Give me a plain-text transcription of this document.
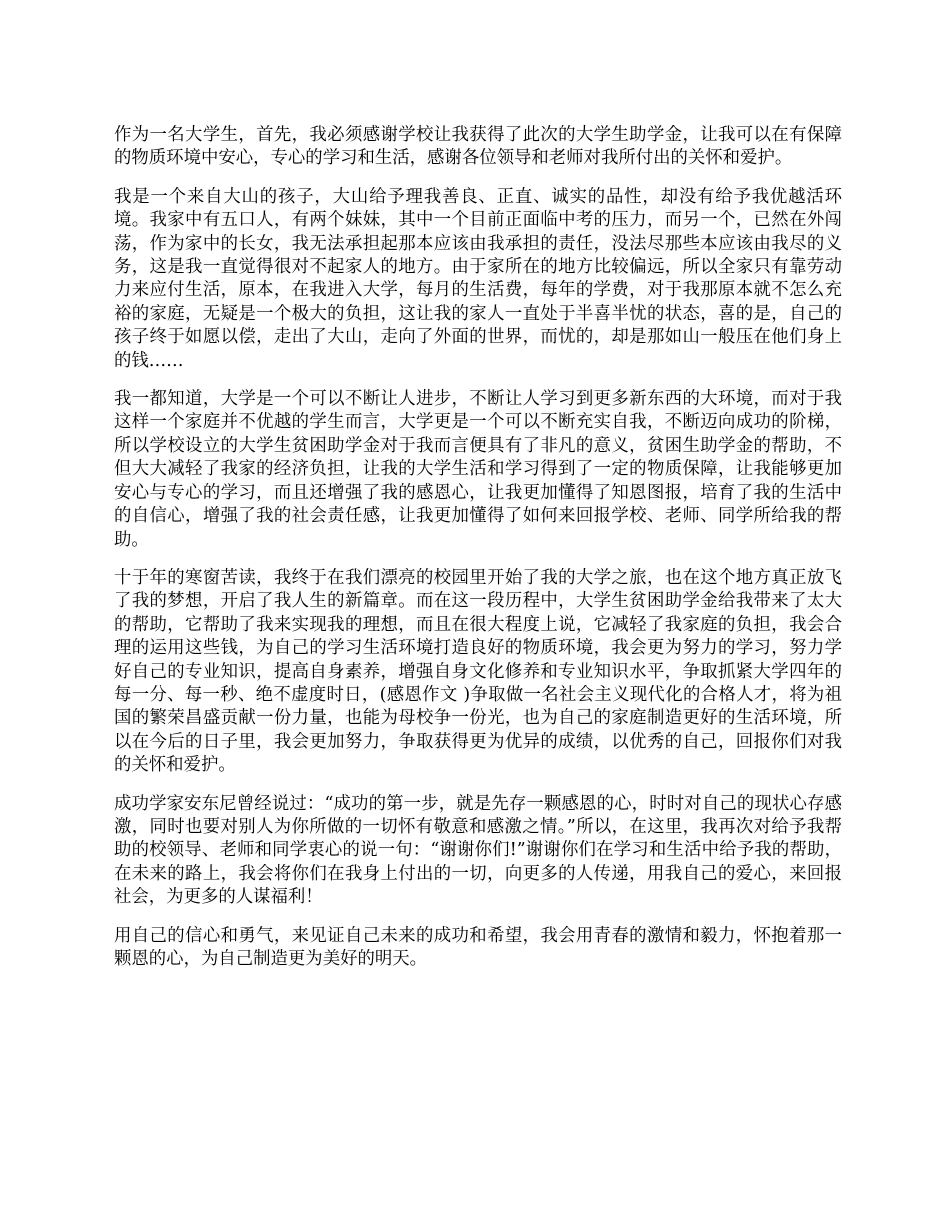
作为一名大学生，首先，我必须感谢学校让我获得了此次的大学生助学金，让我可以在有保障的物质环境中安心，专心的学习和生活，感谢各位领导和老师对我所付出的关怀和爱护。

我是一个来自大山的孩子，大山给予理我善良、正直、诚实的品性，却没有给予我优越活环境。我家中有五口人，有两个妹妹，其中一个目前正面临中考的压力，而另一个，已然在外闯荡，作为家中的长女，我无法承担起那本应该由我承担的责任，没法尽那些本应该由我尽的义务，这是我一直觉得很对不起家人的地方。由于家所在的地方比较偏远，所以全家只有靠劳动力来应付生活，原本，在我进入大学，每月的生活费，每年的学费，对于我那原本就不怎么充裕的家庭，无疑是一个极大的负担，这让我的家人一直处于半喜半忧的状态，喜的是，自己的孩子终于如愿以偿，走出了大山，走向了外面的世界，而忧的，却是那如山一般压在他们身上的钱……

我一都知道，大学是一个可以不断让人进步，不断让人学习到更多新东西的大环境，而对于我这样一个家庭并不优越的学生而言，大学更是一个可以不断充实自我，不断迈向成功的阶梯，所以学校设立的大学生贫困助学金对于我而言便具有了非凡的意义，贫困生助学金的帮助，不但大大减轻了我家的经济负担，让我的大学生活和学习得到了一定的物质保障，让我能够更加安心与专心的学习，而且还增强了我的感恩心，让我更加懂得了知恩图报，培育了我的生活中的自信心，增强了我的社会责任感，让我更加懂得了如何来回报学校、老师、同学所给我的帮助。

十于年的寒窗苦读，我终于在我们漂亮的校园里开始了我的大学之旅，也在这个地方真正放飞了我的梦想，开启了我人生的新篇章。而在这一段历程中，大学生贫困助学金给我带来了太大的帮助，它帮助了我来实现我的理想，而且在很大程度上说，它减轻了我家庭的负担，我会合理的运用这些钱，为自己的学习生活环境打造良好的物质环境，我会更为努力的学习，努力学好自己的专业知识，提高自身素养，增强自身文化修养和专业知识水平，争取抓紧大学四年的每一分、每一秒、绝不虚度时日，(感恩作文 )争取做一名社会主义现代化的合格人才，将为祖国的繁荣昌盛贡献一份力量，也能为母校争一份光，也为自己的家庭制造更好的生活环境，所以在今后的日子里，我会更加努力，争取获得更为优异的成绩，以优秀的自己，回报你们对我的关怀和爱护。

成功学家安东尼曾经说过：“成功的第一步，就是先存一颗感恩的心，时时对自己的现状心存感激，同时也要对别人为你所做的一切怀有敬意和感激之情。”所以，在这里，我再次对给予我帮助的校领导、老师和同学衷心的说一句：“谢谢你们!”谢谢你们在学习和生活中给予我的帮助，在未来的路上，我会将你们在我身上付出的一切，向更多的人传递，用我自己的爱心，来回报社会，为更多的人谋福利！

用自己的信心和勇气，来见证自己未来的成功和希望，我会用青春的激情和毅力，怀抱着那一颗恩的心，为自己制造更为美好的明天。
